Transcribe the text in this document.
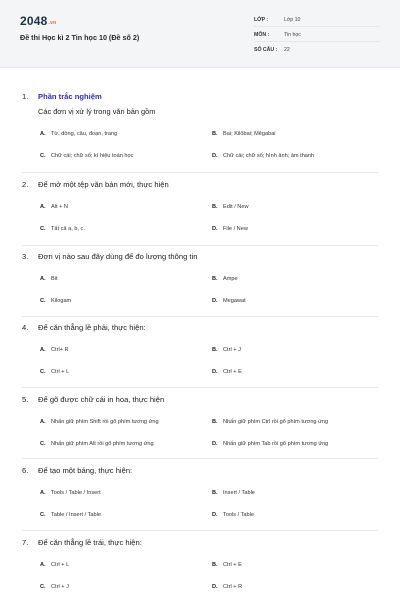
2048.vn
Đề thi Học kì 2 Tin học 10 (Đề số 2)
LỚP :	Lớp 10
MÔN :	Tin học
SỐ CÂU : 22
1. Phần trắc nghiệm
Các đơn vị xử lý trong văn bản gồm
A. Từ, dòng, câu, đoạn, trang	B. Bai; Kilôbai; Mêgabai
C. Chữ cái; chữ số; kí hiệu toán học	D. Chữ cái; chữ số; hình ảnh; âm thanh
2. Để mở một tệp văn bản mới, thực hiện
A. Alt + N	B. Edit / New
C. Tất cả a, b, c.	D. File / New
3. Đơn vị nào sau đây dùng để đo lượng thông tin
A. Bit	B. Ampe
C. Kilogam	D. Megawat
4. Để căn thẳng lề phải, thực hiện:
A. Ctrl+ R	B. Ctrl + J
C. Ctrl + L	D. Ctrl + E
5. Để gõ được chữ cái in hoa, thực hiện
A. Nhấn giữ phím Shift rồi gõ phím tương ứng	B. Nhấn giữ phím Ctrl rồi gõ phím tương ứng
C. Nhấn giữ phím Alt rồi gõ phím tương ứng	D. Nhấn giữ phím Tab rồi gõ phím tương ứng
6. Để tạo một bảng, thực hiện:
A. Tools / Table / Insert	B. Insert / Table
C. Table / Insert / Table	D. Tools / Table
7. Để căn thẳng lề trái, thực hiện:
A. Ctrl + L	B. Ctrl + E
C. Ctrl + J	D. Ctrl + R
